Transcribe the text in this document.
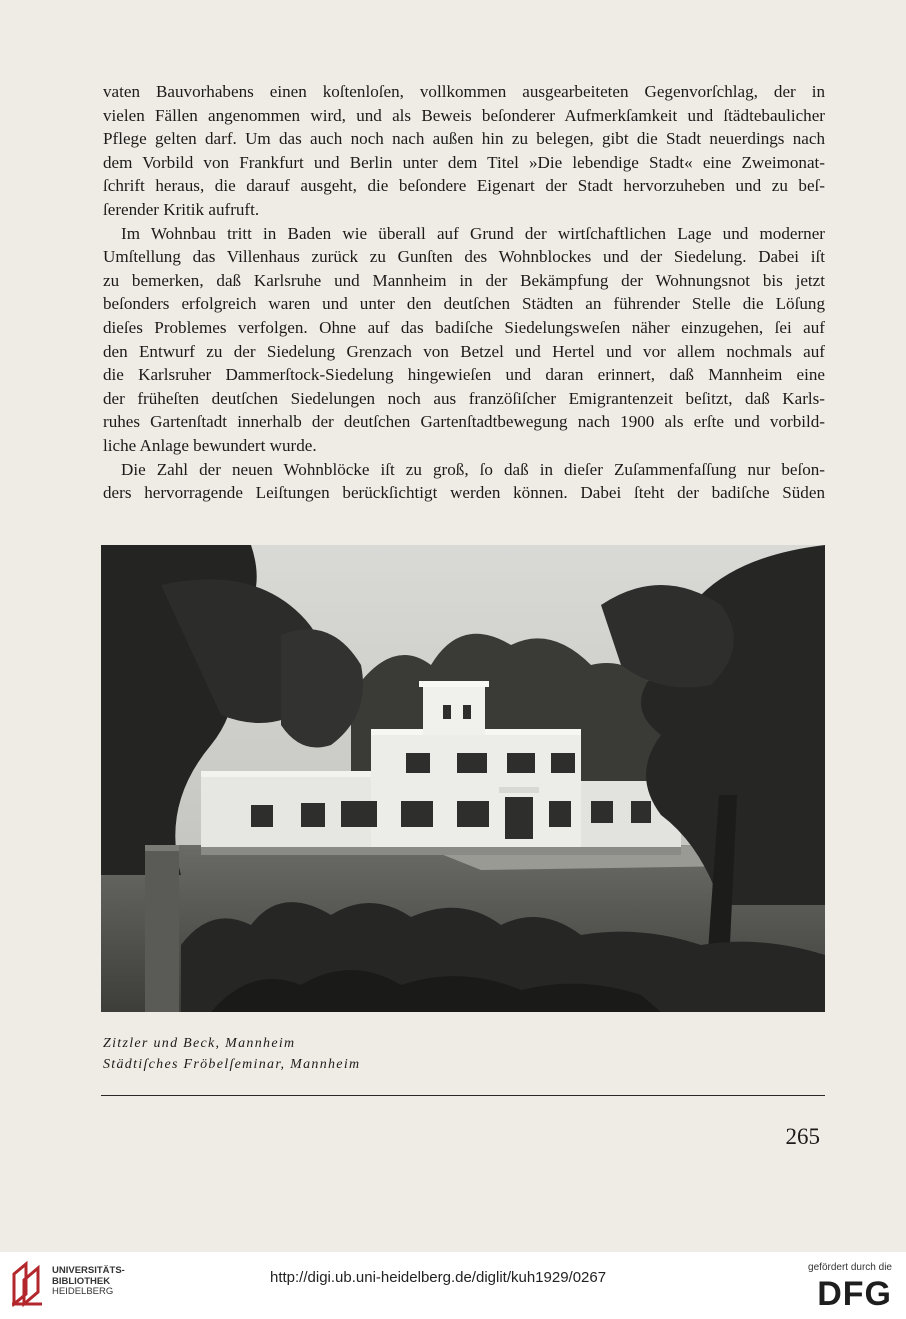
vaten Bauvorhabens einen koſtenloſen, vollkommen ausgearbeiteten Gegenvorſchlag, der in

vielen Fällen angenommen wird, und als Beweis beſonderer Aufmerkſamkeit und ſtädtebaulicher

Pflege gelten darf. Um das auch noch nach außen hin zu belegen, gibt die Stadt neuerdings nach

dem Vorbild von Frankfurt und Berlin unter dem Titel »Die lebendige Stadt« eine Zweimonat-

ſchrift heraus, die darauf ausgeht, die beſondere Eigenart der Stadt hervorzuheben und zu beſ-

ſerender Kritik aufruft.

Im Wohnbau tritt in Baden wie überall auf Grund der wirtſchaftlichen Lage und moderner

Umſtellung das Villenhaus zurück zu Gunſten des Wohnblockes und der Siedelung. Dabei iſt

zu bemerken, daß Karlsruhe und Mannheim in der Bekämpfung der Wohnungsnot bis jetzt

beſonders erfolgreich waren und unter den deutſchen Städten an führender Stelle die Löſung

dieſes Problemes verfolgen. Ohne auf das badiſche Siedelungsweſen näher einzugehen, ſei auf

den Entwurf zu der Siedelung Grenzach von Betzel und Hertel und vor allem nochmals auf

die Karlsruher Dammerſtock-Siedelung hingewieſen und daran erinnert, daß Mannheim eine

der früheſten deutſchen Siedelungen noch aus franzöſiſcher Emigrantenzeit beſitzt, daß Karls-

ruhes Gartenſtadt innerhalb der deutſchen Gartenſtadtbewegung nach 1900 als erſte und vorbild-

liche Anlage bewundert wurde.

Die Zahl der neuen Wohnblöcke iſt zu groß, ſo daß in dieſer Zuſammenfaſſung nur beſon-

ders hervorragende Leiſtungen berückſichtigt werden können. Dabei ſteht der badiſche Süden

Zitzler und Beck, Mannheim

Städtiſches Fröbelſeminar, Mannheim

265
UNIVERSITÄTS-
BIBLIOTHEK
HEIDELBERG
http://digi.ub.uni-heidelberg.de/diglit/kuh1929/0267
gefördert durch die
DFG
